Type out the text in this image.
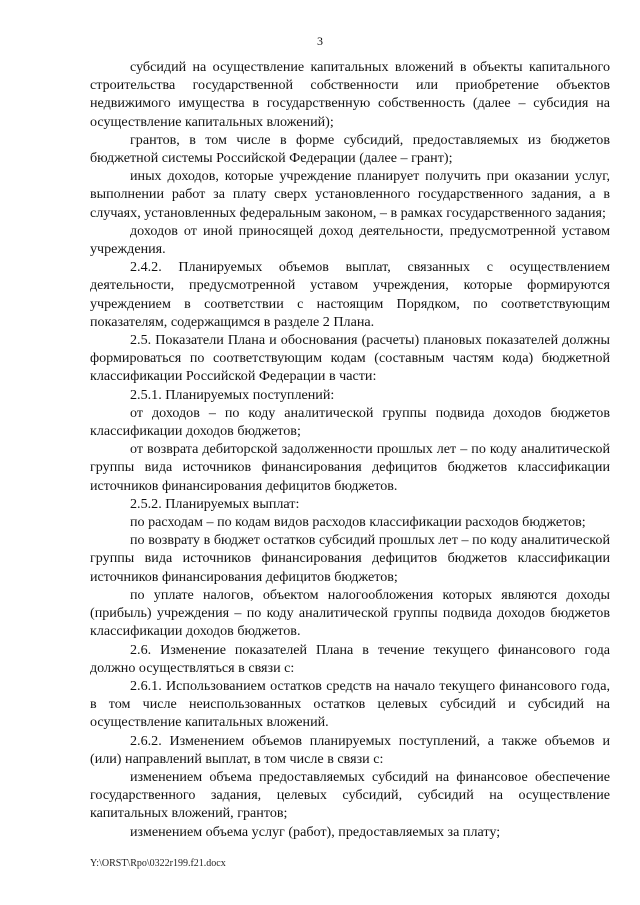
3

субсидий на осуществление капитальных вложений в объекты капитального строительства государственной собственности или приобретение объектов недвижимого имущества в государственную собственность (далее – субсидия на осуществление капитальных вложений);

грантов, в том числе в форме субсидий, предоставляемых из бюджетов бюджетной системы Российской Федерации (далее – грант);

иных доходов, которые учреждение планирует получить при оказании услуг, выполнении работ за плату сверх установленного государственного задания, а в случаях, установленных федеральным законом, – в рамках государственного задания;

доходов от иной приносящей доход деятельности, предусмотренной уставом учреждения.

2.4.2. Планируемых объемов выплат, связанных с осуществлением деятельности, предусмотренной уставом учреждения, которые формируются учреждением в соответствии с настоящим Порядком, по соответствующим показателям, содержащимся в разделе 2 Плана.

2.5. Показатели Плана и обоснования (расчеты) плановых показателей должны формироваться по соответствующим кодам (составным частям кода) бюджетной классификации Российской Федерации в части:

2.5.1. Планируемых поступлений:

от доходов – по коду аналитической группы подвида доходов бюджетов классификации доходов бюджетов;

от возврата дебиторской задолженности прошлых лет – по коду аналитической группы вида источников финансирования дефицитов бюджетов классификации источников финансирования дефицитов бюджетов.

2.5.2. Планируемых выплат:

по расходам – по кодам видов расходов классификации расходов бюджетов;

по возврату в бюджет остатков субсидий прошлых лет – по коду аналитической группы вида источников финансирования дефицитов бюджетов классификации источников финансирования дефицитов бюджетов;

по уплате налогов, объектом налогообложения которых являются доходы (прибыль) учреждения – по коду аналитической группы подвида доходов бюджетов классификации доходов бюджетов.

2.6. Изменение показателей Плана в течение текущего финансового года должно осуществляться в связи с:

2.6.1. Использованием остатков средств на начало текущего финансового года, в том числе неиспользованных остатков целевых субсидий и субсидий на осуществление капитальных вложений.

2.6.2. Изменением объемов планируемых поступлений, а также объемов и (или) направлений выплат, в том числе в связи с:

изменением объема предоставляемых субсидий на финансовое обеспечение государственного задания, целевых субсидий, субсидий на осуществление капитальных вложений, грантов;

изменением объема услуг (работ), предоставляемых за плату;

Y:\ORST\Rpo\0322r199.f21.docx
